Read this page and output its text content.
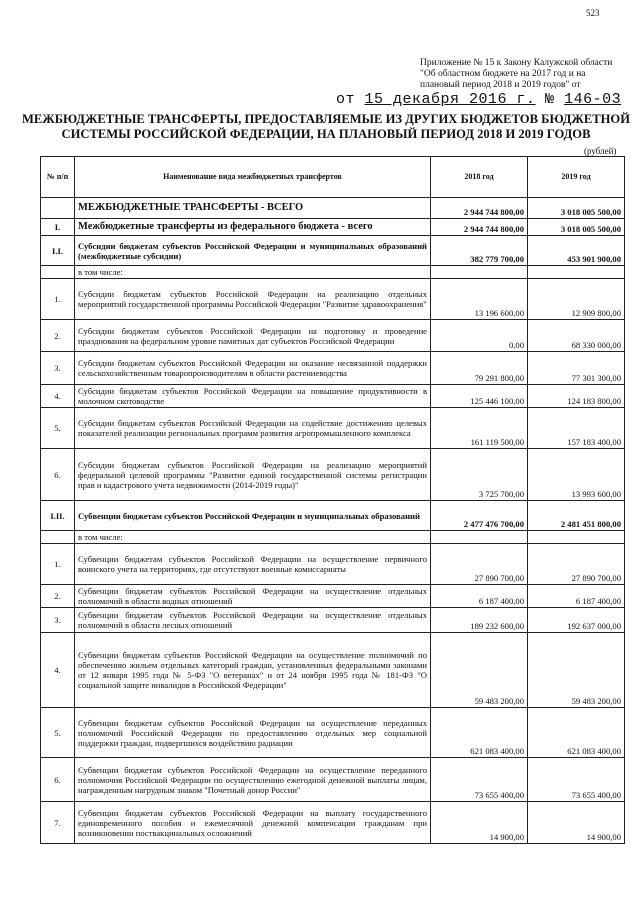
523
Приложение № 15 к Закону Калужской области
"Об областном бюджете на 2017 год и на
плановый период 2018 и 2019 годов" от
от 15 декабря 2016 г. № 146-03
МЕЖБЮДЖЕТНЫЕ ТРАНСФЕРТЫ, ПРЕДОСТАВЛЯЕМЫЕ ИЗ ДРУГИХ БЮДЖЕТОВ БЮДЖЕТНОЙ
СИСТЕМЫ РОССИЙСКОЙ ФЕДЕРАЦИИ, НА ПЛАНОВЫЙ ПЕРИОД 2018 И 2019 ГОДОВ
(рублей)
№ п/п	Наименование вида межбюджетных трансфертов	2018 год	2019 год
	МЕЖБЮДЖЕТНЫЕ ТРАНСФЕРТЫ - ВСЕГО	2 944 744 800,00	3 018 005 500,00
I.	Межбюджетные трансферты из федерального бюджета - всего	2 944 744 800,00	3 018 005 500,00
I.I.	Субсидии бюджетам субъектов Российской Федерации и муниципальных образований (межбюджетные субсидии)	382 779 700,00	453 901 900,00
	в том числе:		
1.	Субсидии бюджетам субъектов Российской Федерации на реализацию отдельных мероприятий государственной программы Российской Федерации "Развитие здравоохранения"	13 196 600,00	12 909 800,00
2.	Субсидии бюджетам субъектов Российской Федерации на подготовку и проведение празднования на федеральном уровне памятных дат субъектов Российской Федерации	0,00	68 330 000,00
3.	Субсидии бюджетам субъектов Российской Федерации на оказание несвязанной поддержки сельскохозяйственным товаропроизводителям в области растениеводства	79 291 800,00	77 301 300,00
4.	Субсидии бюджетам субъектов Российской Федерации на повышение продуктивности в молочном скотоводстве	125 446 100,00	124 183 800,00
5.	Субсидии бюджетам субъектов Российской Федерации на содействие достижению целевых показателей реализации региональных программ развития агропромышленного комплекса	161 119 500,00	157 183 400,00
6.	Субсидии бюджетам субъектов Российской Федерации на реализацию мероприятий федеральной целевой программы "Развитие единой государственной системы регистрации прав и кадастрового учета недвижимости (2014-2019 годы)"	3 725 700,00	13 993 600,00
I.II.	Субвенции бюджетам субъектов Российской Федерации и муниципальных образований	2 477 476 700,00	2 481 451 800,00
	в том числе:		
1.	Субвенции бюджетам субъектов Российской Федерации на осуществление первичного воинского учета на территориях, где отсутствуют военные комиссариаты	27 890 700,00	27 890 700,00
2.	Субвенции бюджетам субъектов Российской Федерации на осуществление отдельных полномочий в области водных отношений	6 187 400,00	6 187 400,00
3.	Субвенции бюджетам субъектов Российской Федерации на осуществление отдельных полномочий в области лесных отношений	189 232 600,00	192 637 000,00
4.	Субвенции бюджетам субъектов Российской Федерации на осуществление полномочий по обеспечению жильем отдельных категорий граждан, установленных федеральными законами от 12 января 1995 года № 5-ФЗ "О ветеранах" и от 24 ноября 1995 года № 181-ФЗ "О социальной защите инвалидов в Российской Федерации"	59 483 200,00	59 483 200,00
5.	Субвенции бюджетам субъектов Российской Федерации на осуществление переданных полномочий Российской Федерации по предоставлению отдельных мер социальной поддержки граждан, подвергшихся воздействию радиации	621 083 400,00	621 083 400,00
6.	Субвенции бюджетам субъектов Российской Федерации на осуществление переданного полномочия Российской Федерации по осуществлению ежегодной денежной выплаты лицам, награжденным нагрудным знаком "Почетный донор России"	73 655 400,00	73 655 400,00
7.	Субвенции бюджетам субъектов Российской Федерации на выплату государственного единовременного пособия и ежемесячной денежной компенсации гражданам при возникновении поствакцинальных осложнений	14 900,00	14 900,00
